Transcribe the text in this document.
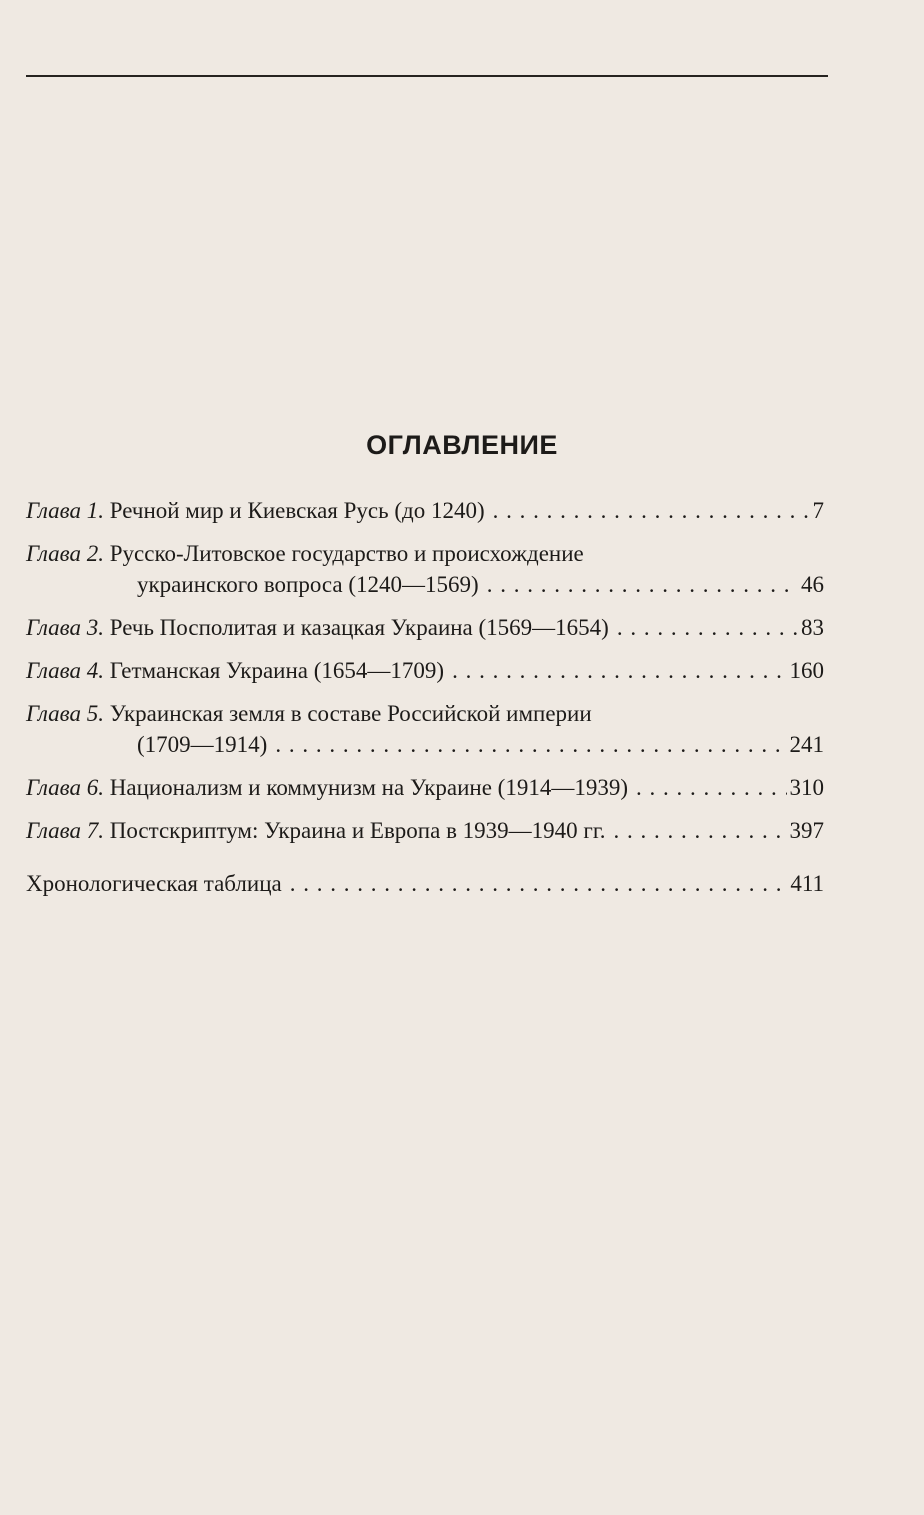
ОГЛАВЛЕНИЕ
Глава 1.
Речной мир и Киевская Русь (до 1240) . . .	7
Глава 2.
Русско-Литовское государство и происхождение
украинского вопроса (1240—1569) . . .	46
Глава 3.
Речь Посполитая и казацкая Украина (1569—1654) . . .	83
Глава 4.
Гетманская Украина (1654—1709) . . .	160
Глава 5.
Украинская земля в составе Российской империи
(1709—1914) . . .	241
Глава 6.
Национализм и коммунизм на Украине (1914—1939) . . .	310
Глава 7.
Постскриптум: Украина и Европа в 1939—1940 гг. . . .	397
Хронологическая таблица . . .	411
